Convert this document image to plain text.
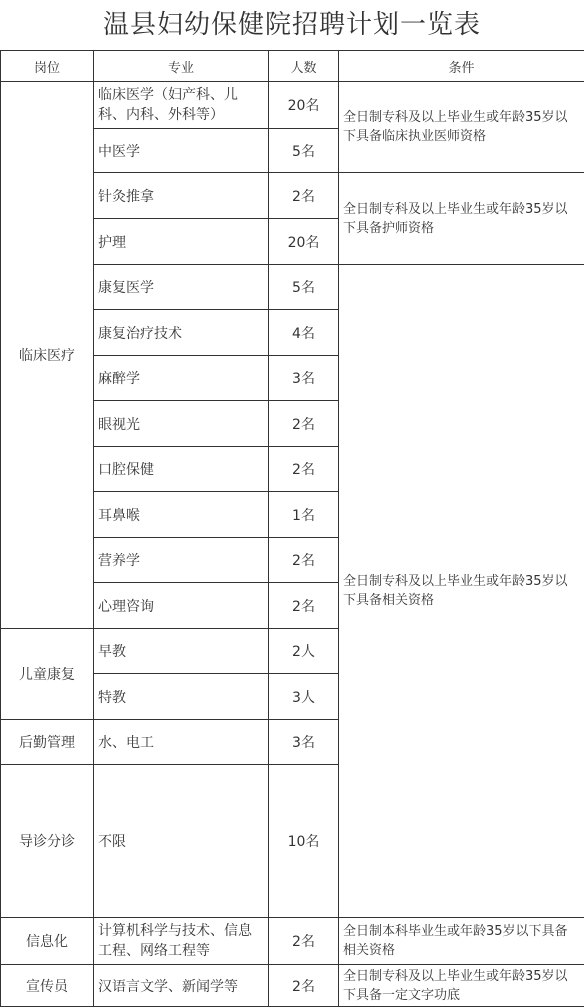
温县妇幼保健院招聘计划一览表
岗位	专业	人数	条件	
临床医疗	临床医学（妇产科、儿科、内科、外科等）	20名	全日制专科及以上毕业生或年龄35岁以下具备临床执业医师资格	
	中医学	5名		
	针灸推拿	2名	全日制专科及以上毕业生或年龄35岁以下具备护师资格	
	护理	20名		
	康复医学	5名	全日制专科及以上毕业生或年龄35岁以下具备相关资格	
	康复治疗技术	4名		
	麻醉学	3名		
	眼视光	2名		
	口腔保健	2名		
	耳鼻喉	1名		
	营养学	2名		
	心理咨询	2名		
儿童康复	早教	2人		
	特教	3人		
后勤管理	水、电工	3名		
导诊分诊	不限	10名	
信息化	计算机科学与技术、信息工程、网络工程等	2名	全日制本科毕业生或年龄35岁以下具备相关资格	
宣传员	汉语言文学、新闻学等	2名	全日制专科及以上毕业生或年龄35岁以下具备一定文字功底	
